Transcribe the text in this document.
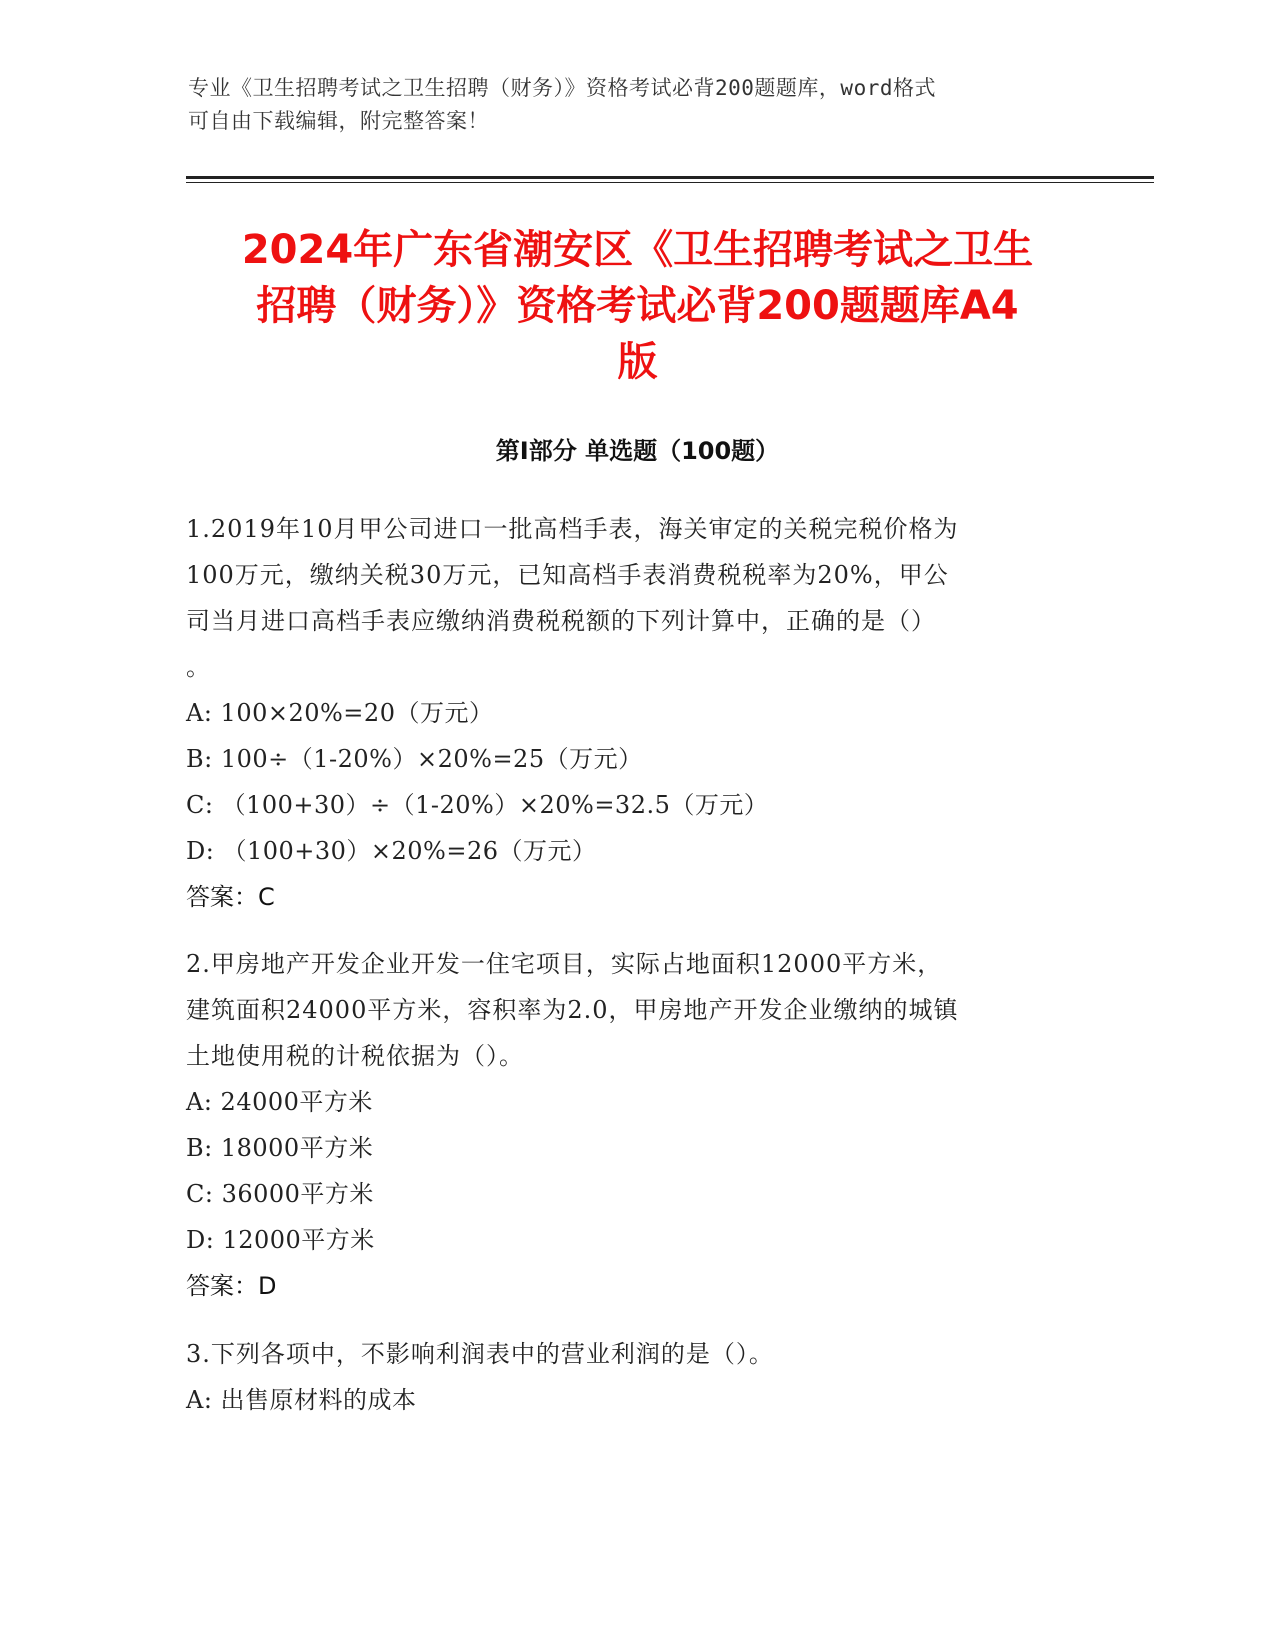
专业《卫生招聘考试之卫生招聘（财务）》资格考试必背200题题库，word格式
可自由下载编辑，附完整答案！
2024年广东省潮安区《卫生招聘考试之卫生
招聘（财务）》资格考试必背200题题库A4
版
第Ⅰ部分 单选题（100题）
1.2019年10月甲公司进口一批高档手表，海关审定的关税完税价格为
100万元，缴纳关税30万元，已知高档手表消费税税率为20%，甲公
司当月进口高档手表应缴纳消费税税额的下列计算中，正确的是（）
。
A: 100×20%=20（万元）
B: 100÷（1-20%）×20%=25（万元）
C: （100+30）÷（1-20%）×20%=32.5（万元）
D: （100+30）×20%=26（万元）
答案：C
2.甲房地产开发企业开发一住宅项目，实际占地面积12000平方米，
建筑面积24000平方米，容积率为2.0，甲房地产开发企业缴纳的城镇
土地使用税的计税依据为（）。
A: 24000平方米
B: 18000平方米
C: 36000平方米
D: 12000平方米
答案：D
3.下列各项中，不影响利润表中的营业利润的是（）。
A: 出售原材料的成本
